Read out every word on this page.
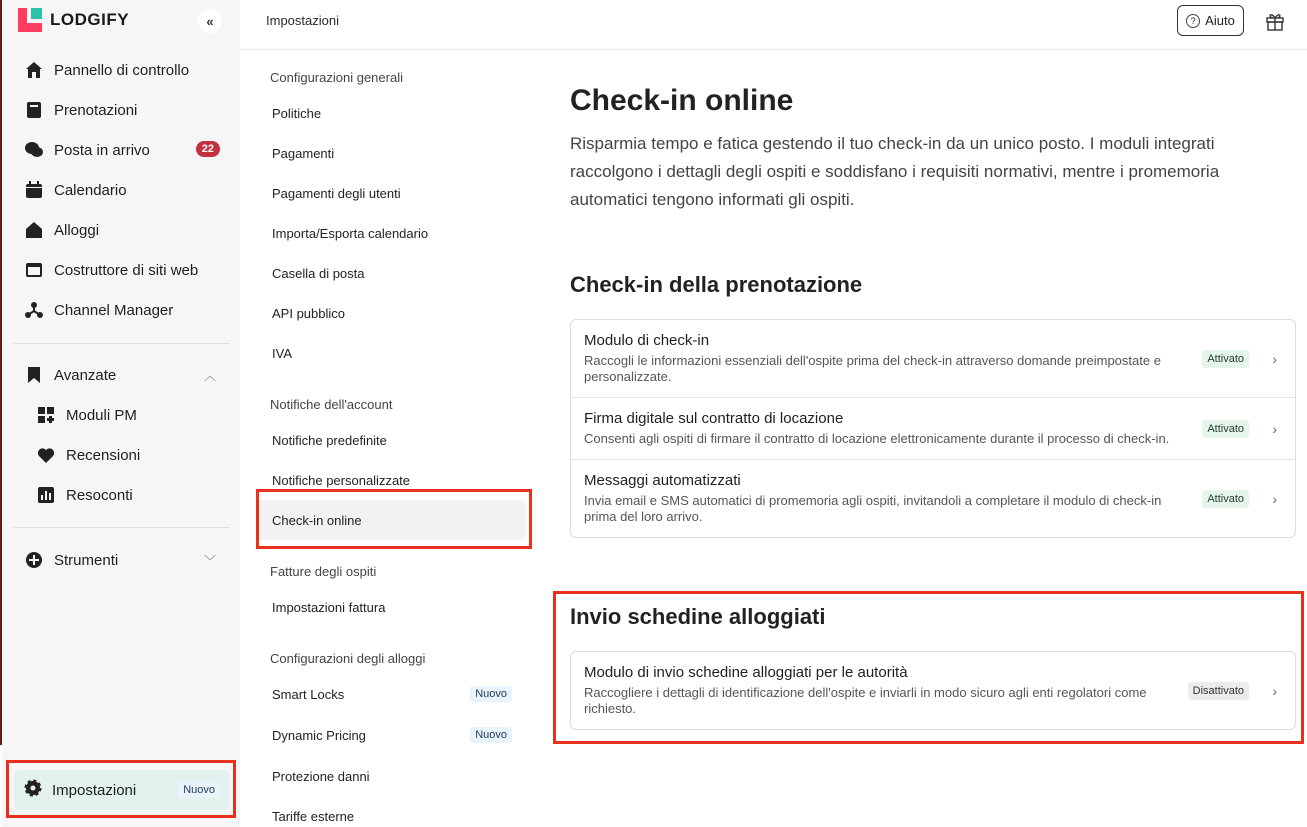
LODGIFY	«
Pannello di controllo
Prenotazioni
Posta in arrivo	22
Calendario
Alloggi
Costruttore di siti web
Channel Manager
Avanzate	︿
Moduli PM
Recensioni
Resoconti
Strumenti	﹀
Impostazioni	Nuovo
Impostazioni	? Aiuto
Configurazioni generali
Politiche
Pagamenti
Pagamenti degli utenti
Importa/Esporta calendario
Casella di posta
API pubblico
IVA
Notifiche dell'account
Notifiche predefinite
Notifiche personalizzate
Check-in online
Fatture degli ospiti
Impostazioni fattura
Configurazioni degli alloggi
Smart Locks	Nuovo
Dynamic Pricing	Nuovo
Protezione danni
Tariffe esterne
Check-in online

Risparmia tempo e fatica gestendo il tuo check-in da un unico posto. I moduli integrati raccolgono i dettagli degli ospiti e soddisfano i requisiti normativi, mentre i promemoria automatici tengono informati gli ospiti.

Check-in della prenotazione
Modulo di check-in
Raccogli le informazioni essenziali dell'ospite prima del check-in attraverso domande preimpostate e personalizzate.
Attivato	›
Firma digitale sul contratto di locazione
Consenti agli ospiti di firmare il contratto di locazione elettronicamente durante il processo di check-in.
Attivato	›
Messaggi automatizzati
Invia email e SMS automatici di promemoria agli ospiti, invitandoli a completare il modulo di check-in prima del loro arrivo.
Attivato	›
Invio schedine alloggiati
Modulo di invio schedine alloggiati per le autorità
Raccogliere i dettagli di identificazione dell'ospite e inviarli in modo sicuro agli enti regolatori come richiesto.
Disattivato	›
